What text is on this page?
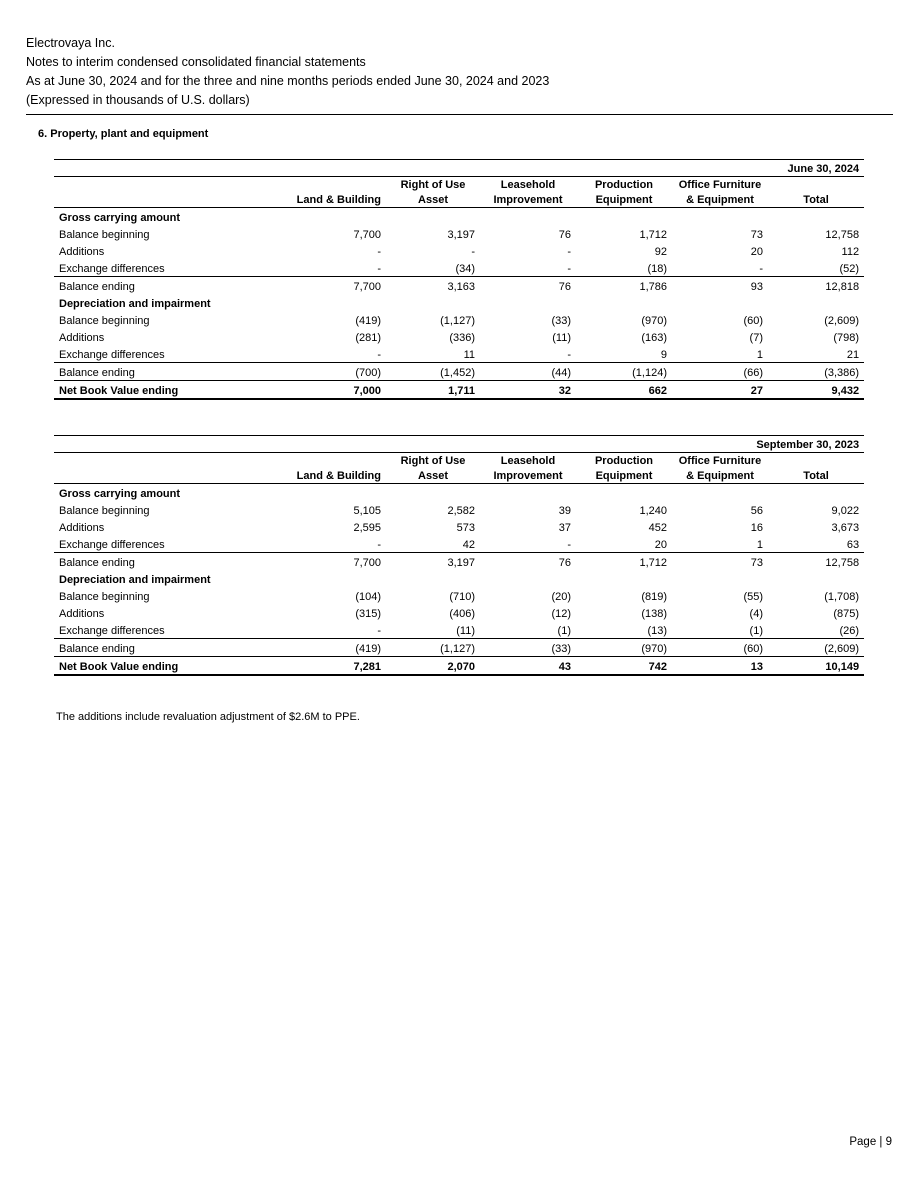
Electrovaya Inc.
Notes to interim condensed consolidated financial statements
As at June 30, 2024 and for the three and nine months periods ended June 30, 2024 and 2023
(Expressed in thousands of U.S. dollars)
6. Property, plant and equipment
June 30, 2024						
		Right of Use	Leasehold	Production	Office Furniture	
	Land & Building	Asset	Improvement	Equipment	& Equipment	Total
Gross carrying amount						
Balance beginning	7,700	3,197	76	1,712	73	12,758
Additions	-	-	-	92	20	112
Exchange differences	-	(34)	-	(18)	-	(52)
Balance ending	7,700	3,163	76	1,786	93	12,818
Depreciation and impairment						
Balance beginning	(419)	(1,127)	(33)	(970)	(60)	(2,609)
Additions	(281)	(336)	(11)	(163)	(7)	(798)
Exchange differences	-	11	-	9	1	21
Balance ending	(700)	(1,452)	(44)	(1,124)	(66)	(3,386)
Net Book Value ending	7,000	1,711	32	662	27	9,432
September 30, 2023						
		Right of Use	Leasehold	Production	Office Furniture	
	Land & Building	Asset	Improvement	Equipment	& Equipment	Total
Gross carrying amount						
Balance beginning	5,105	2,582	39	1,240	56	9,022
Additions	2,595	573	37	452	16	3,673
Exchange differences	-	42	-	20	1	63
Balance ending	7,700	3,197	76	1,712	73	12,758
Depreciation and impairment						
Balance beginning	(104)	(710)	(20)	(819)	(55)	(1,708)
Additions	(315)	(406)	(12)	(138)	(4)	(875)
Exchange differences	-	(11)	(1)	(13)	(1)	(26)
Balance ending	(419)	(1,127)	(33)	(970)	(60)	(2,609)
Net Book Value ending	7,281	2,070	43	742	13	10,149
The additions include revaluation adjustment of $2.6M to PPE.
Page | 9
